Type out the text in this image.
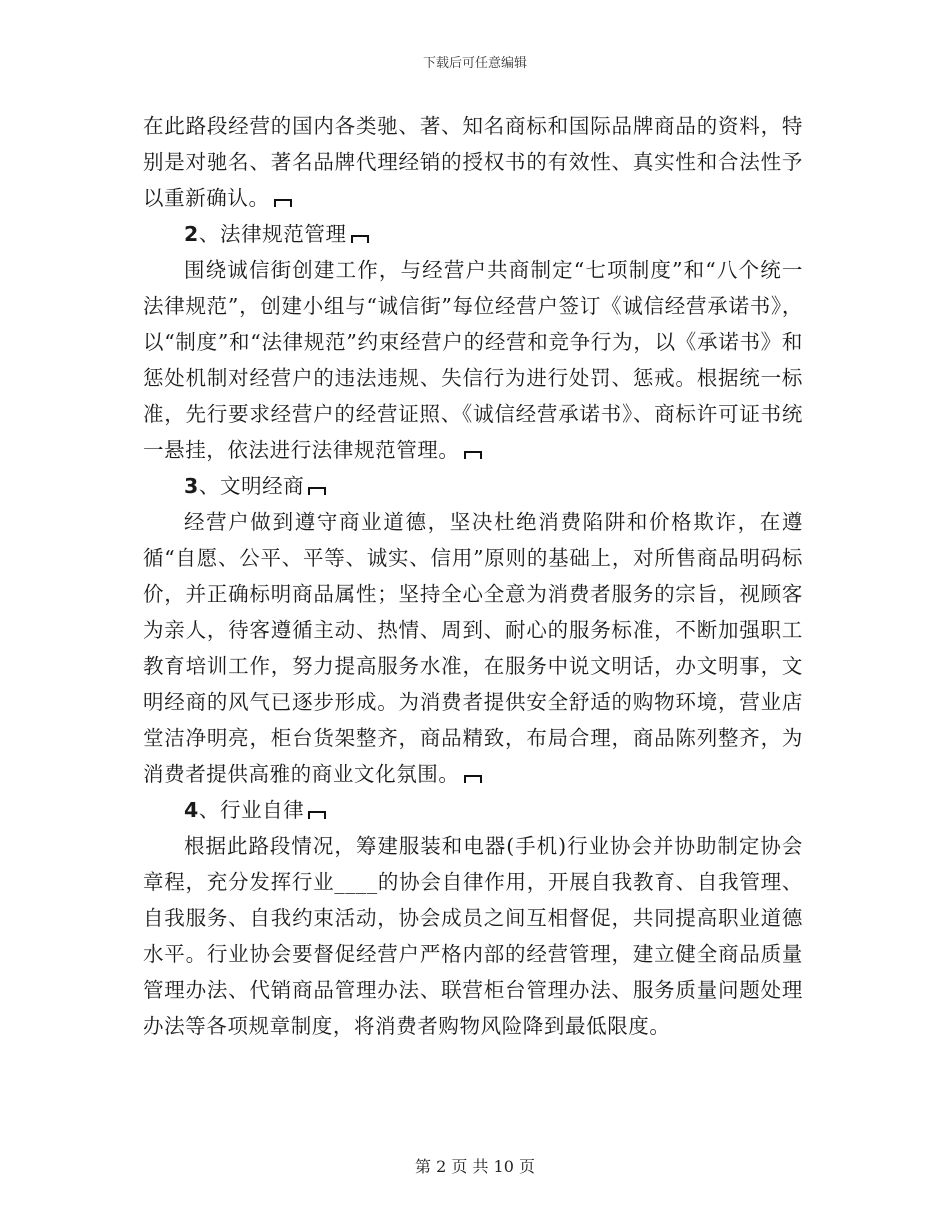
下载后可任意编辑

在此路段经营的国内各类驰、著、知名商标和国际品牌商品的资料，特别是对驰名、著名品牌代理经销的授权书的有效性、真实性和合法性予以重新确认。

2、法律规范管理

围绕诚信街创建工作，与经营户共商制定“七项制度”和“八个统一法律规范”，创建小组与“诚信街”每位经营户签订《诚信经营承诺书》，以“制度”和“法律规范”约束经营户的经营和竞争行为，以《承诺书》和惩处机制对经营户的违法违规、失信行为进行处罚、惩戒。根据统一标准，先行要求经营户的经营证照、《诚信经营承诺书》、商标许可证书统一悬挂，依法进行法律规范管理。

3、文明经商

经营户做到遵守商业道德，坚决杜绝消费陷阱和价格欺诈，在遵循“自愿、公平、平等、诚实、信用”原则的基础上，对所售商品明码标价，并正确标明商品属性；坚持全心全意为消费者服务的宗旨，视顾客为亲人，待客遵循主动、热情、周到、耐心的服务标准，不断加强职工教育培训工作，努力提高服务水准，在服务中说文明话，办文明事，文明经商的风气已逐步形成。为消费者提供安全舒适的购物环境，营业店堂洁净明亮，柜台货架整齐，商品精致，布局合理，商品陈列整齐，为消费者提供高雅的商业文化氛围。

4、行业自律

根据此路段情况，筹建服装和电器(手机)行业协会并协助制定协会章程，充分发挥行业____的协会自律作用，开展自我教育、自我管理、自我服务、自我约束活动，协会成员之间互相督促，共同提高职业道德水平。行业协会要督促经营户严格内部的经营管理，建立健全商品质量管理办法、代销商品管理办法、联营柜台管理办法、服务质量问题处理办法等各项规章制度，将消费者购物风险降到最低限度。

第 2 页 共 10 页
